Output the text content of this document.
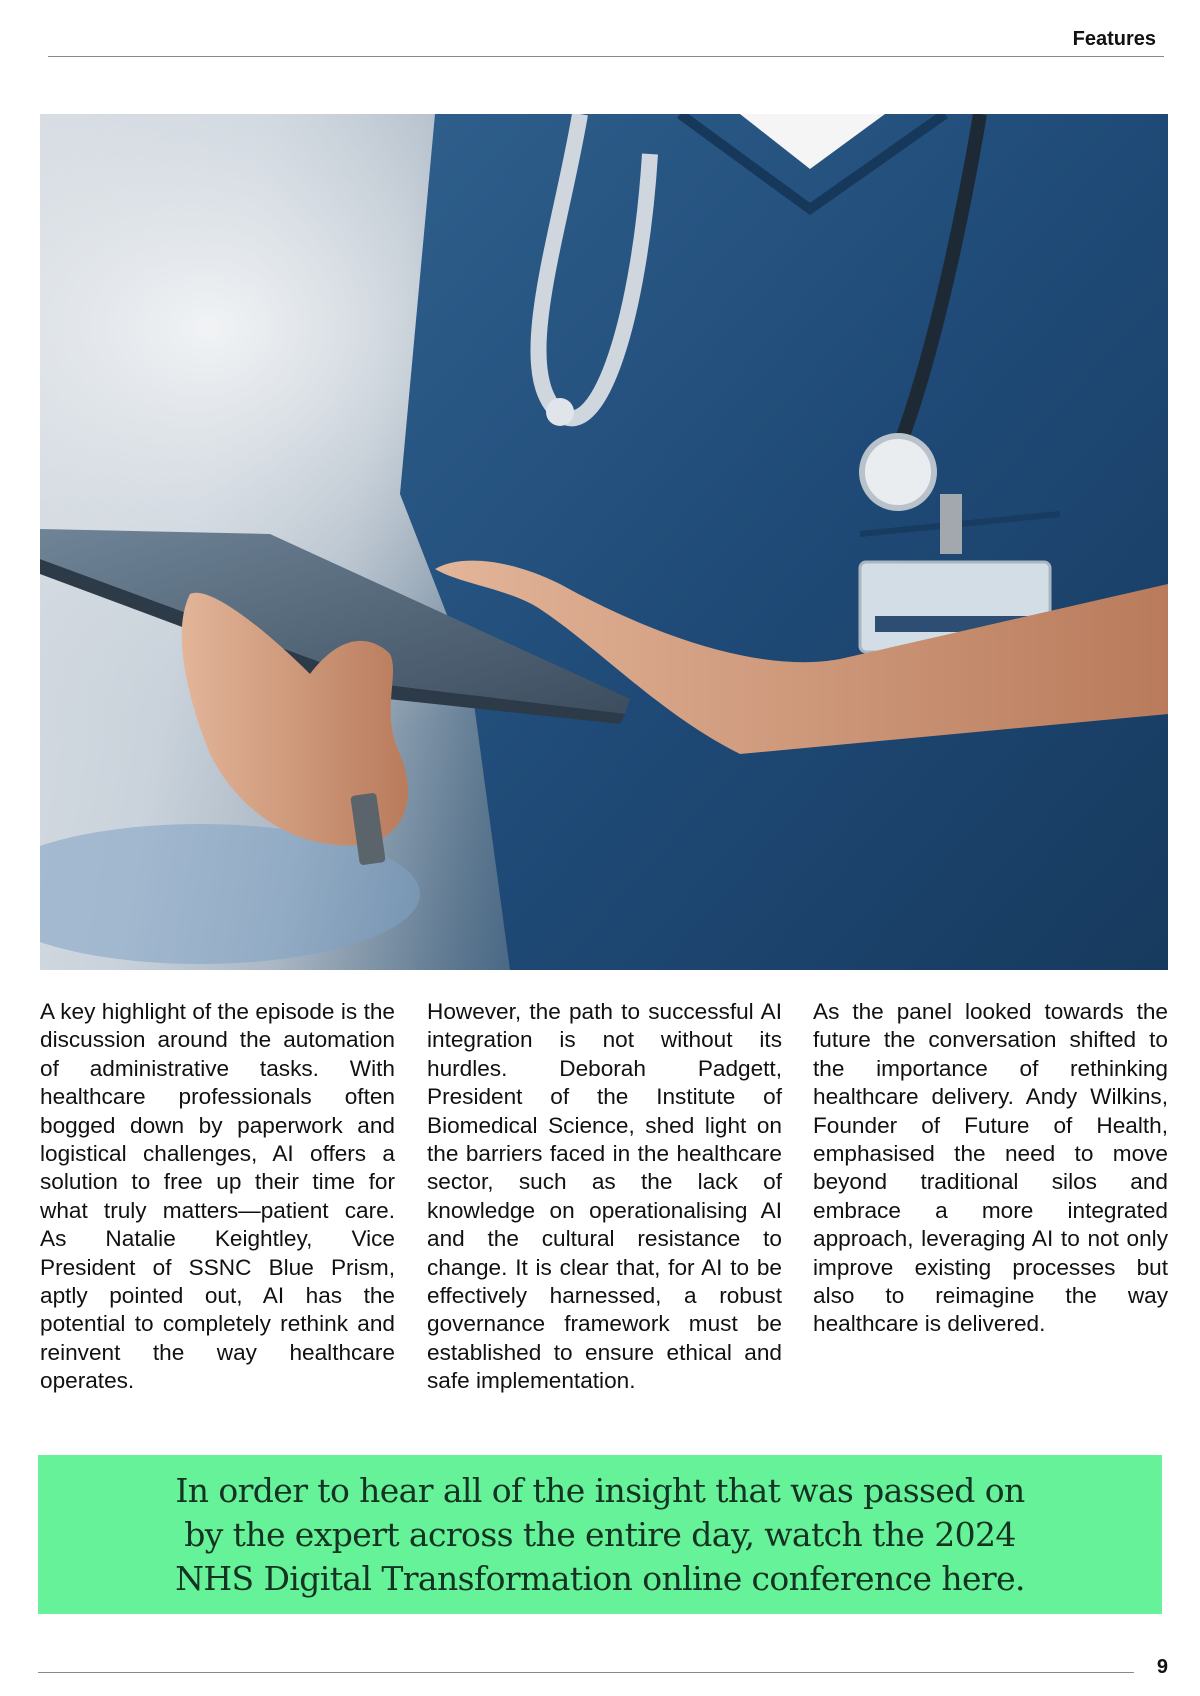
Features
A key highlight of the episode is the discussion around the automation of administrative tasks. With healthcare professionals often bogged down by paperwork and logistical challenges, AI offers a solution to free up their time for what truly matters—patient care. As Natalie Keightley, Vice President of SSNC Blue Prism, aptly pointed out, AI has the potential to completely rethink and reinvent the way healthcare operates.
However, the path to successful AI integration is not without its hurdles. Deborah Padgett, President of the Institute of Biomedical Science, shed light on the barriers faced in the healthcare sector, such as the lack of knowledge on operationalising AI and the cultural resistance to change. It is clear that, for AI to be effectively harnessed, a robust governance framework must be established to ensure ethical and safe implementation.
As the panel looked towards the future the conversation shifted to the importance of rethinking healthcare delivery. Andy Wilkins, Founder of Future of Health, emphasised the need to move beyond traditional silos and embrace a more integrated approach, leveraging AI to not only improve existing processes but also to reimagine the way healthcare is delivered.
In order to hear all of the insight that was passed on by the expert across the entire day, watch the 2024 NHS Digital Transformation online conference here.
9
